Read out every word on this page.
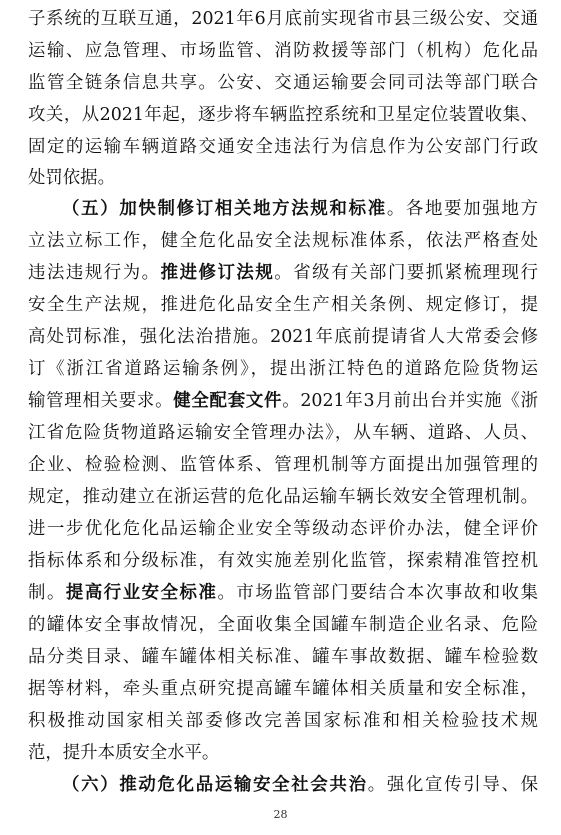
子系统的互联互通，2021年6月底前实现省市县三级公安、交通
运输、应急管理、市场监管、消防救援等部门（机构）危化品
监管全链条信息共享。公安、交通运输要会同司法等部门联合
攻关，从2021年起，逐步将车辆监控系统和卫星定位装置收集、
固定的运输车辆道路交通安全违法行为信息作为公安部门行政
处罚依据。
（五）加快制修订相关地方法规和标准。各地要加强地方
立法立标工作，健全危化品安全法规标准体系，依法严格查处
违法违规行为。推进修订法规。省级有关部门要抓紧梳理现行
安全生产法规，推进危化品安全生产相关条例、规定修订，提
高处罚标准，强化法治措施。2021年底前提请省人大常委会修
订《浙江省道路运输条例》，提出浙江特色的道路危险货物运
输管理相关要求。健全配套文件。2021年3月前出台并实施《浙
江省危险货物道路运输安全管理办法》，从车辆、道路、人员、
企业、检验检测、监管体系、管理机制等方面提出加强管理的
规定，推动建立在浙运营的危化品运输车辆长效安全管理机制。
进一步优化危化品运输企业安全等级动态评价办法，健全评价
指标体系和分级标准，有效实施差别化监管，探索精准管控机
制。提高行业安全标准。市场监管部门要结合本次事故和收集
的罐体安全事故情况，全面收集全国罐车制造企业名录、危险
品分类目录、罐车罐体相关标准、罐车事故数据、罐车检验数
据等材料，牵头重点研究提高罐车罐体相关质量和安全标准，
积极推动国家相关部委修改完善国家标准和相关检验技术规
范，提升本质安全水平。
（六）推动危化品运输安全社会共治。强化宣传引导、保
28
